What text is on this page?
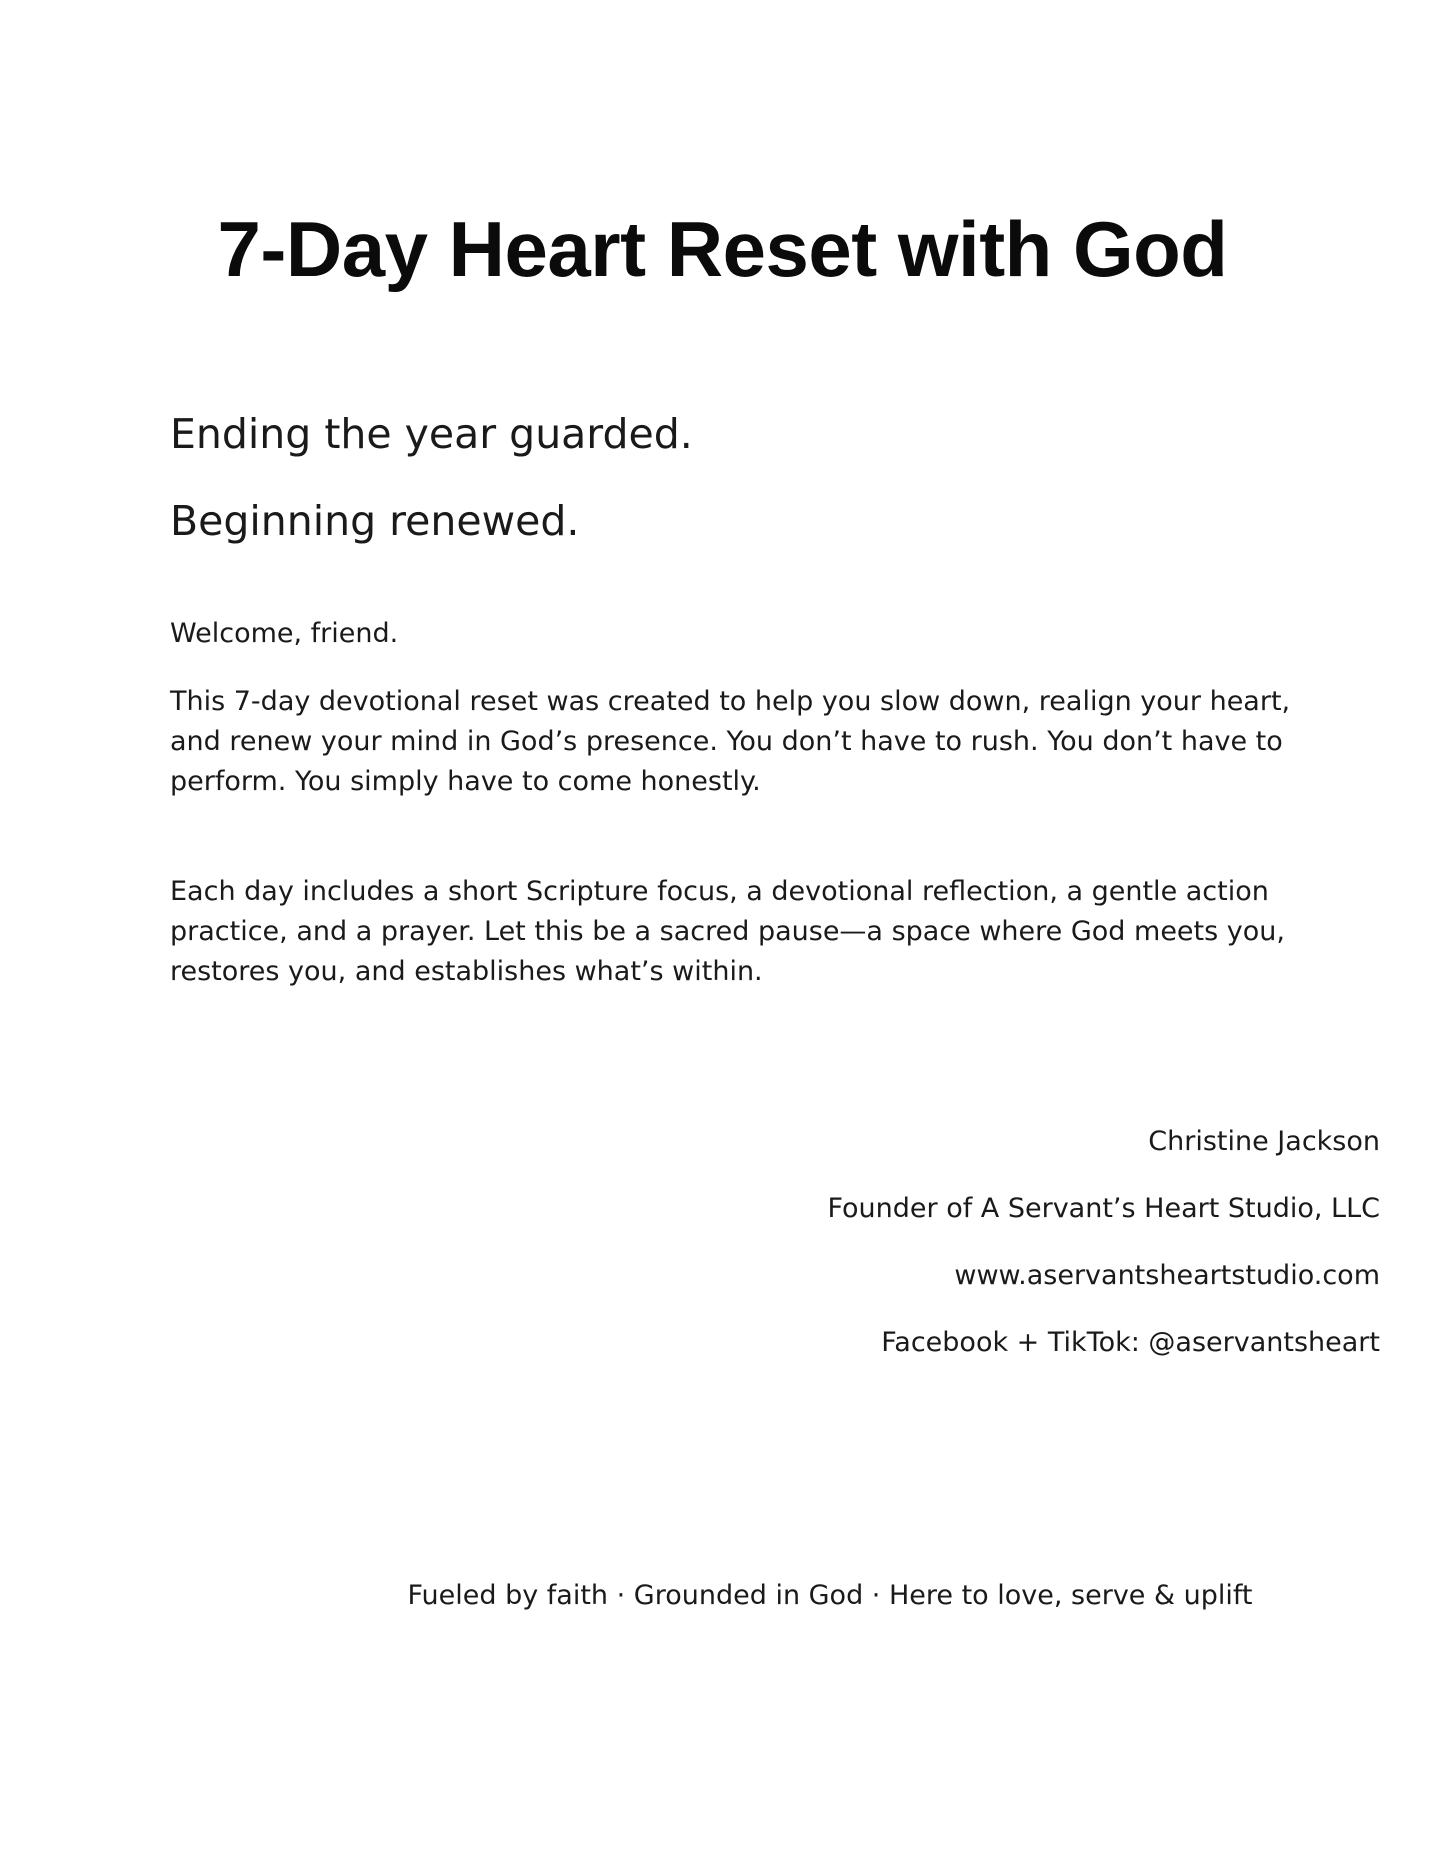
7-Day Heart Reset with God

Ending the year guarded.

Beginning renewed.

Welcome, friend.

This 7-day devotional reset was created to help you slow down, realign your heart, and renew your mind in God’s presence. You don’t have to rush. You don’t have to perform. You simply have to come honestly.

Each day includes a short Scripture focus, a devotional reflection, a gentle action practice, and a prayer. Let this be a sacred pause—a space where God meets you, restores you, and establishes what’s within.

Christine Jackson
Founder of A Servant’s Heart Studio, LLC
www.aservantsheartstudio.com
Facebook + TikTok: @aservantsheart

Fueled by faith · Grounded in God · Here to love, serve & uplift
